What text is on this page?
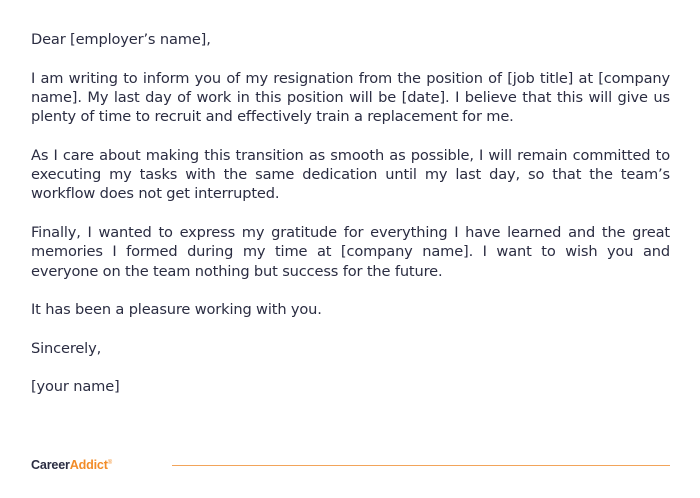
Dear [employer’s name],

I am writing to inform you of my resignation from the position of [job title] at [company name]. My last day of work in this position will be [date]. I believe that this will give us plenty of time to recruit and effectively train a replacement for me.

As I care about making this transition as smooth as possible, I will remain committed to executing my tasks with the same dedication until my last day, so that the team’s workflow does not get interrupted.

Finally, I wanted to express my gratitude for everything I have learned and the great memories I formed during my time at [company name]. I want to wish you and everyone on the team nothing but success for the future.

It has been a pleasure working with you.

Sincerely,

[your name]

CareerAddict®
